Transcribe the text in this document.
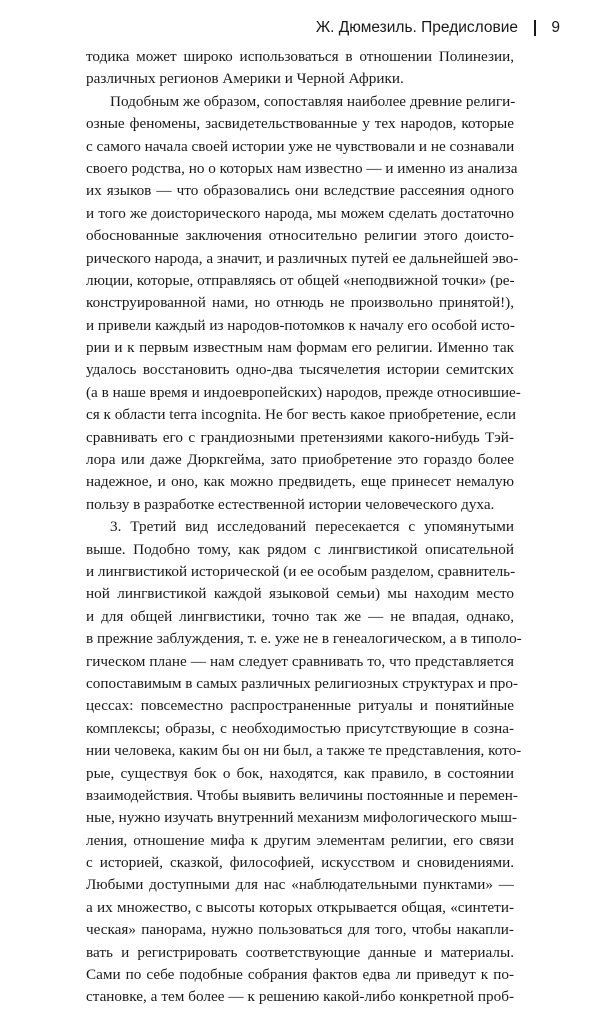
Ж. Дюмезиль. Предисловие 9
тодика может широко использоваться в отношении Полинезии,
различных регионов Америки и Черной Африки.
Подобным же образом, сопоставляя наиболее древние религи-
озные феномены, засвидетельствованные у тех народов, которые
с самого начала своей истории уже не чувствовали и не сознавали
своего родства, но о которых нам известно — и именно из анализа
их языков — что образовались они вследствие рассеяния одного
и того же доисторического народа, мы можем сделать достаточно
обоснованные заключения относительно религии этого доисто-
рического народа, а значит, и различных путей ее дальнейшей эво-
люции, которые, отправляясь от общей «неподвижной точки» (ре-
конструированной нами, но отнюдь не произвольно принятой!),
и привели каждый из народов-потомков к началу его особой исто-
рии и к первым известным нам формам его религии. Именно так
удалось восстановить одно-два тысячелетия истории семитских
(а в наше время и индоевропейских) народов, прежде относившие-
ся к области terra incognita. Не бог весть какое приобретение, если
сравнивать его с грандиозными претензиями какого-нибудь Тэй-
лора или даже Дюркгейма, зато приобретение это гораздо более
надежное, и оно, как можно предвидеть, еще принесет немалую
пользу в разработке естественной истории человеческого духа.
3. Третий вид исследований пересекается с упомянутыми
выше. Подобно тому, как рядом с лингвистикой описательной
и лингвистикой исторической (и ее особым разделом, сравнитель-
ной лингвистикой каждой языковой семьи) мы находим место
и для общей лингвистики, точно так же — не впадая, однако,
в прежние заблуждения, т. е. уже не в генеалогическом, а в типоло-
гическом плане — нам следует сравнивать то, что представляется
сопоставимым в самых различных религиозных структурах и про-
цессах: повсеместно распространенные ритуалы и понятийные
комплексы; образы, с необходимостью присутствующие в созна-
нии человека, каким бы он ни был, а также те представления, кото-
рые, существуя бок о бок, находятся, как правило, в состоянии
взаимодействия. Чтобы выявить величины постоянные и перемен-
ные, нужно изучать внутренний механизм мифологического мыш-
ления, отношение мифа к другим элементам религии, его связи
с историей, сказкой, философией, искусством и сновидениями.
Любыми доступными для нас «наблюдательными пунктами» —
а их множество, с высоты которых открывается общая, «синтети-
ческая» панорама, нужно пользоваться для того, чтобы накапли-
вать и регистрировать соответствующие данные и материалы.
Сами по себе подобные собрания фактов едва ли приведут к по-
становке, а тем более — к решению какой-либо конкретной проб-
